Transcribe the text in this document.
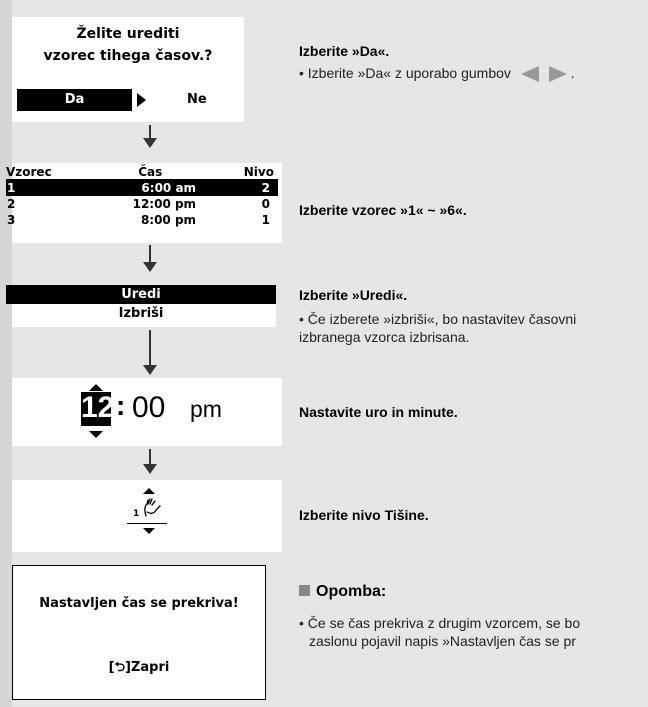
Želite urediti
vzorec tihega časov.?
Da	Ne
Vzorec	Čas	Nivo
1	6:00 am	2
2	12:00 pm	0
3	8:00 pm	1
Uredi
Izbriši
12 : 00 pm
1
Nastavljen čas se prekriva!
[⮌]Zapri
Izberite »Da«.
• Izberite »Da« z uporabo gumbov	.
Izberite vzorec »1« ~ »6«.
Izberite »Uredi«.
• Če izberete »izbriši«, bo nastavitev časovni
izbranega vzorca izbrisana.
Nastavite uro in minute.
Izberite nivo Tišine.
Opomba:
• Če se čas prekriva z drugim vzorcem, se bo
zaslonu pojavil napis »Nastavljen čas se pr
